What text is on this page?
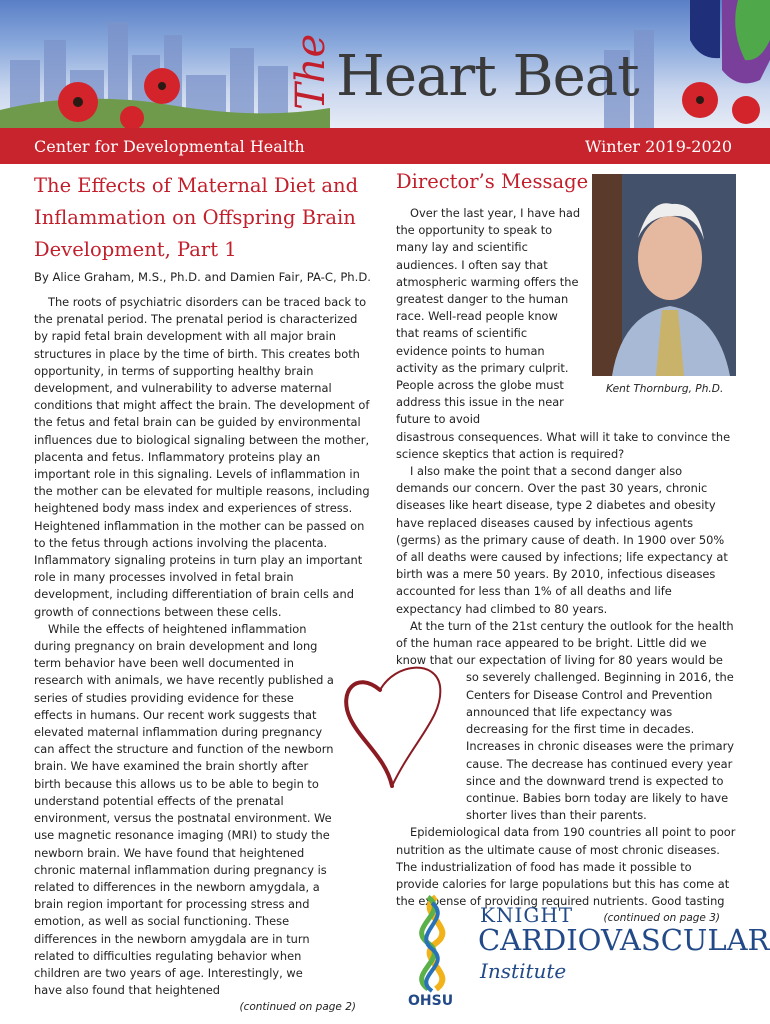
The Heart Beat
Center for Developmental Health	Winter 2019-2020
The Effects of Maternal Diet and
Inflammation on Offspring Brain
Development, Part 1

By Alice Graham, M.S., Ph.D. and Damien Fair, PA-C, Ph.D.

The roots of psychiatric disorders can be traced back to the prenatal period. The prenatal period is characterized by rapid fetal brain development with all major brain structures in place by the time of birth. This creates both opportunity, in terms of supporting healthy brain development, and vulnerability to adverse maternal conditions that might affect the brain. The development of the fetus and fetal brain can be guided by environmental influences due to biological signaling between the mother, placenta and fetus. Inflammatory proteins play an important role in this signaling. Levels of inflammation in the mother can be elevated for multiple reasons, including heightened body mass index and experiences of stress. Heightened inflammation in the mother can be passed on to the fetus through actions involving the placenta. Inflammatory signaling proteins in turn play an important role in many processes involved in fetal brain development, including differentiation of brain cells and growth of connections between these cells.

While the effects of heightened inflammation during pregnancy on brain development and long term behavior have been well documented in research with animals, we have recently published a series of studies providing evidence for these effects in humans. Our recent work suggests that elevated maternal inflammation during pregnancy can affect the structure and function of the newborn brain. We have examined the brain shortly after birth because this allows us to be able to begin to understand potential effects of the prenatal environment, versus the postnatal environment. We use magnetic resonance imaging (MRI) to study the newborn brain. We have found that heightened chronic maternal inflammation during pregnancy is related to differences in the newborn amygdala, a brain region important for processing stress and emotion, as well as social functioning. These differences in the newborn amygdala are in turn related to difficulties regulating behavior when children are two years of age. Interestingly, we have also found that heightened

(continued on page 2)
Kent Thornburg, Ph.D.
Director’s Message

Over the last year, I have had the opportunity to speak to many lay and scientific audiences. I often say that atmospheric warming offers the greatest danger to the human race. Well-read people know that reams of scientific evidence points to human activity as the primary culprit. People across the globe must address this issue in the near future to avoid

disastrous consequences. What will it take to convince the science skeptics that action is required?

I also make the point that a second danger also demands our concern. Over the past 30 years, chronic diseases like heart disease, type 2 diabetes and obesity have replaced diseases caused by infectious agents (germs) as the primary cause of death. In 1900 over 50% of all deaths were caused by infections; life expectancy at birth was a mere 50 years. By 2010, infectious diseases accounted for less than 1% of all deaths and life expectancy had climbed to 80 years.

At the turn of the 21st century the outlook for the health of the human race appeared to be bright. Little did we know that our expectation of living for 80 years would be

so severely challenged. Beginning in 2016, the Centers for Disease Control and Prevention announced that life expectancy was decreasing for the first time in decades. Increases in chronic diseases were the primary cause. The decrease has continued every year since and the downward trend is expected to continue. Babies born today are likely to have shorter lives than their parents.

Epidemiological data from 190 countries all point to poor nutrition as the ultimate cause of most chronic diseases. The industrialization of food has made it possible to provide calories for large populations but this has come at the expense of providing required nutrients. Good tasting

(continued on page 3)
OHSU
KNIGHT
CARDIOVASCULAR
Institute
